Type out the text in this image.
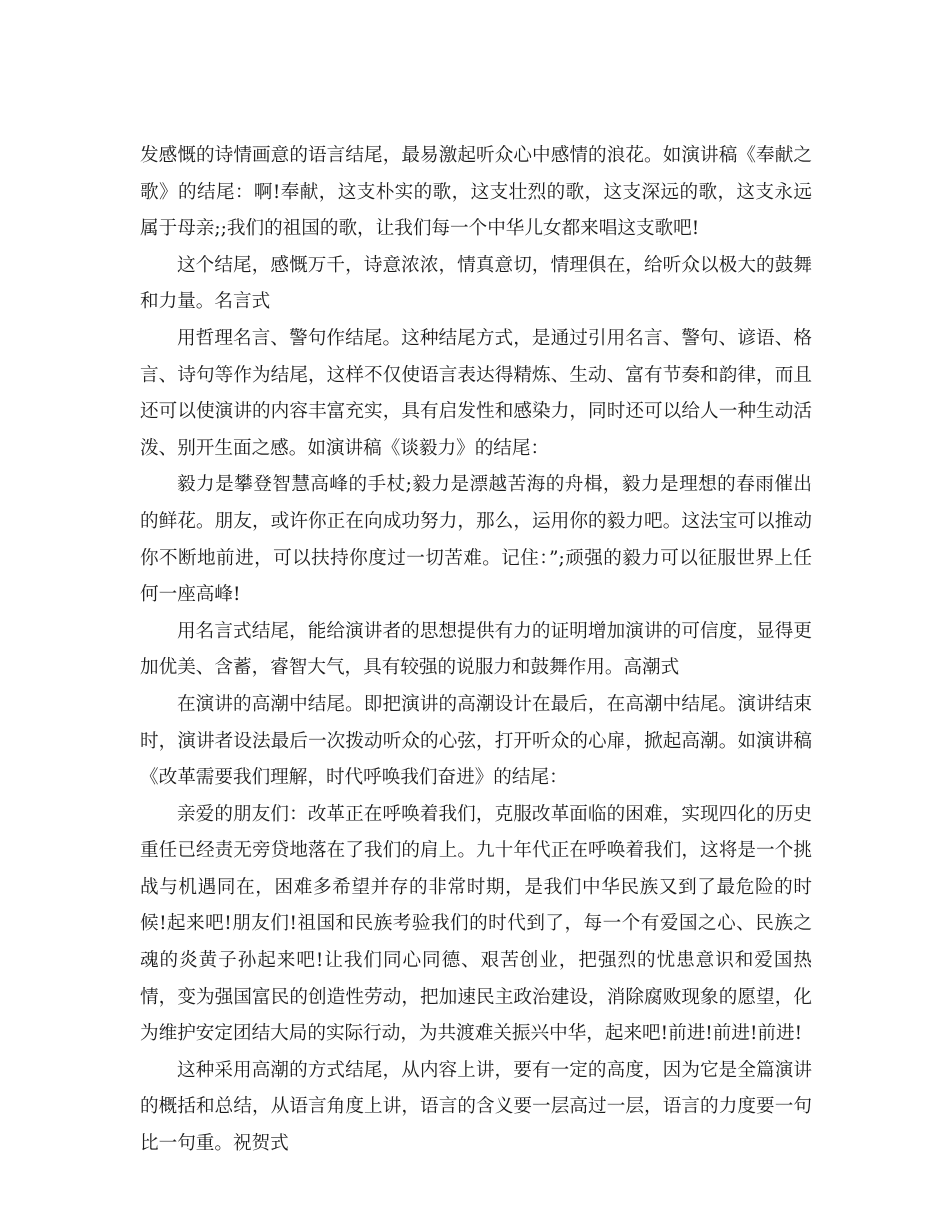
发感慨的诗情画意的语言结尾，最易激起听众心中感情的浪花。如演讲稿《奉献之歌》的结尾：啊!奉献，这支朴实的歌，这支壮烈的歌，这支深远的歌，这支永远属于母亲;;我们的祖国的歌，让我们每一个中华儿女都来唱这支歌吧!

这个结尾，感慨万千，诗意浓浓，情真意切，情理俱在，给听众以极大的鼓舞和力量。名言式

用哲理名言、警句作结尾。这种结尾方式，是通过引用名言、警句、谚语、格言、诗句等作为结尾，这样不仅使语言表达得精炼、生动、富有节奏和韵律，而且还可以使演讲的内容丰富充实，具有启发性和感染力，同时还可以给人一种生动活泼、别开生面之感。如演讲稿《谈毅力》的结尾：

毅力是攀登智慧高峰的手杖;毅力是漂越苦海的舟楫，毅力是理想的春雨催出的鲜花。朋友，或许你正在向成功努力，那么，运用你的毅力吧。这法宝可以推动你不断地前进，可以扶持你度过一切苦难。记住：”;顽强的毅力可以征服世界上任何一座高峰!

用名言式结尾，能给演讲者的思想提供有力的证明增加演讲的可信度，显得更加优美、含蓄，睿智大气，具有较强的说服力和鼓舞作用。高潮式

在演讲的高潮中结尾。即把演讲的高潮设计在最后，在高潮中结尾。演讲结束时，演讲者设法最后一次拨动听众的心弦，打开听众的心扉，掀起高潮。如演讲稿《改革需要我们理解，时代呼唤我们奋进》的结尾：

亲爱的朋友们：改革正在呼唤着我们，克服改革面临的困难，实现四化的历史重任已经责无旁贷地落在了我们的肩上。九十年代正在呼唤着我们，这将是一个挑战与机遇同在，困难多希望并存的非常时期，是我们中华民族又到了最危险的时候!起来吧!朋友们!祖国和民族考验我们的时代到了，每一个有爱国之心、民族之魂的炎黄子孙起来吧!让我们同心同德、艰苦创业，把强烈的忧患意识和爱国热情，变为强国富民的创造性劳动，把加速民主政治建设，消除腐败现象的愿望，化为维护安定团结大局的实际行动，为共渡难关振兴中华，起来吧!前进!前进!前进!

这种采用高潮的方式结尾，从内容上讲，要有一定的高度，因为它是全篇演讲的概括和总结，从语言角度上讲，语言的含义要一层高过一层，语言的力度要一句比一句重。祝贺式
